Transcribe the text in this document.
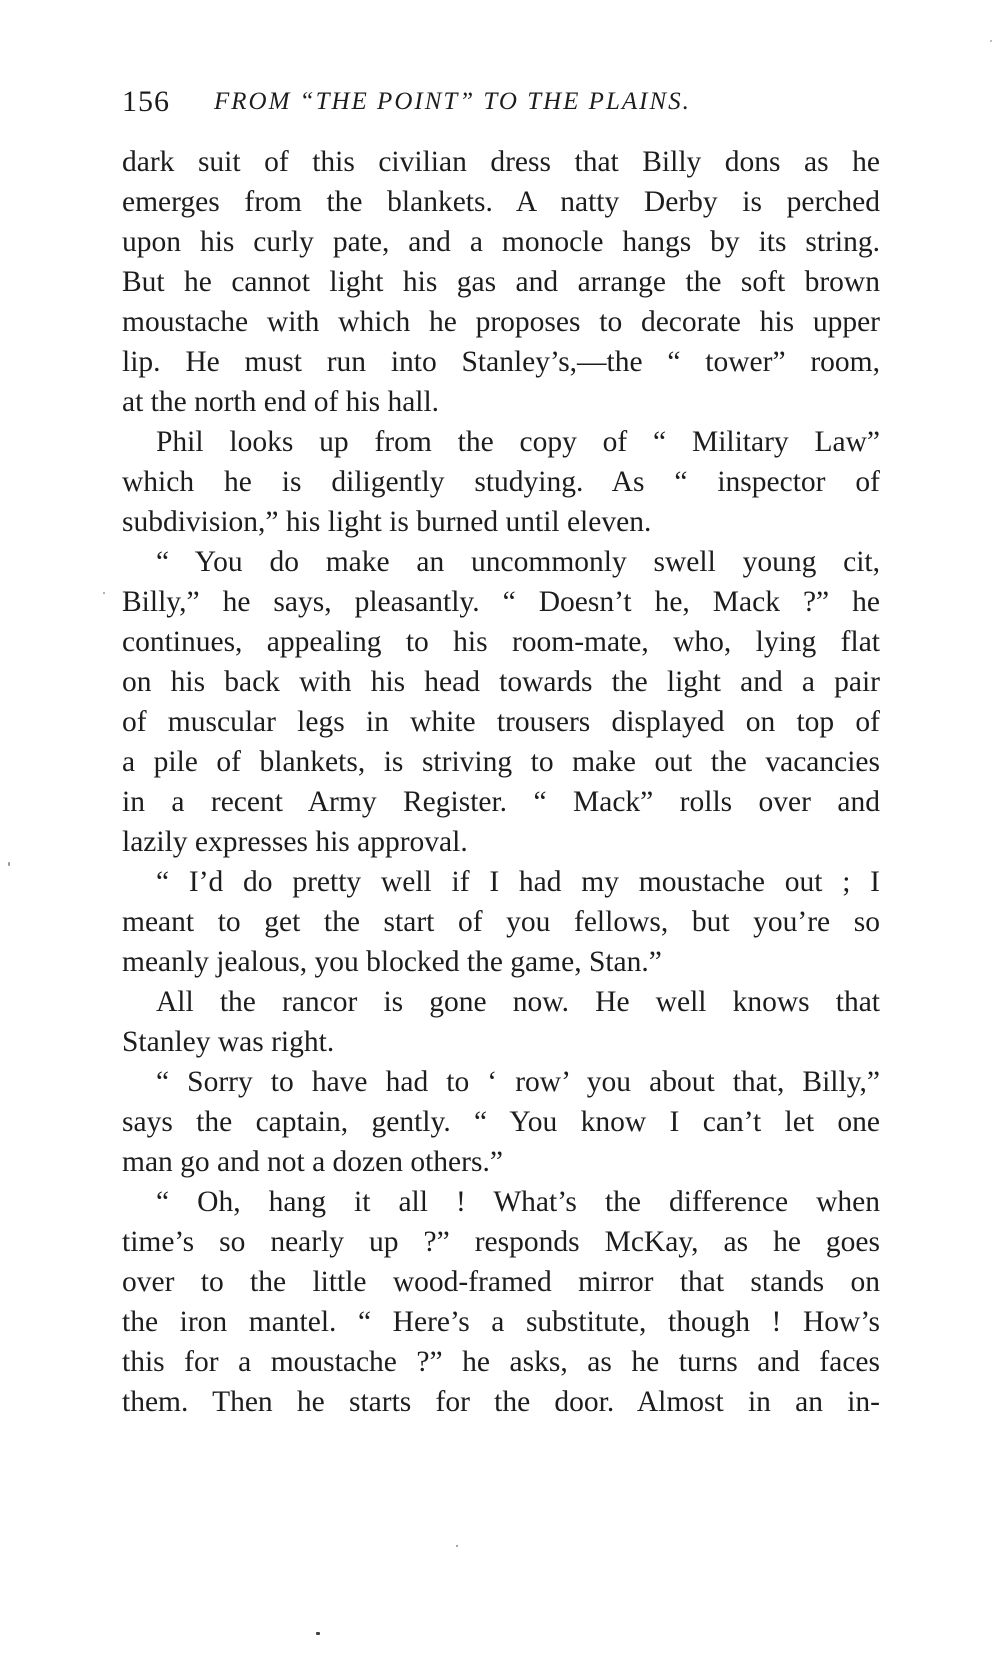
156 FROM “THE POINT” TO THE PLAINS.
dark suit of this civilian dress that Billy dons as he
emerges from the blankets. A natty Derby is perched
upon his curly pate, and a monocle hangs by its string.
But he cannot light his gas and arrange the soft brown
moustache with which he proposes to decorate his upper
lip. He must run into Stanley’s,—the “ tower” room,
at the north end of his hall.
Phil looks up from the copy of “ Military Law”
which he is diligently studying. As “ inspector of
subdivision,” his light is burned until eleven.
“ You do make an uncommonly swell young cit,
Billy,” he says, pleasantly. “ Doesn’t he, Mack ?” he
continues, appealing to his room-mate, who, lying flat
on his back with his head towards the light and a pair
of muscular legs in white trousers displayed on top of
a pile of blankets, is striving to make out the vacancies
in a recent Army Register. “ Mack” rolls over and
lazily expresses his approval.
“ I’d do pretty well if I had my moustache out ; I
meant to get the start of you fellows, but you’re so
meanly jealous, you blocked the game, Stan.”
All the rancor is gone now. He well knows that
Stanley was right.
“ Sorry to have had to ‘ row’ you about that, Billy,”
says the captain, gently. “ You know I can’t let one
man go and not a dozen others.”
“ Oh, hang it all ! What’s the difference when
time’s so nearly up ?” responds McKay, as he goes
over to the little wood-framed mirror that stands on
the iron mantel. “ Here’s a substitute, though ! How’s
this for a moustache ?” he asks, as he turns and faces
them. Then he starts for the door. Almost in an in-
